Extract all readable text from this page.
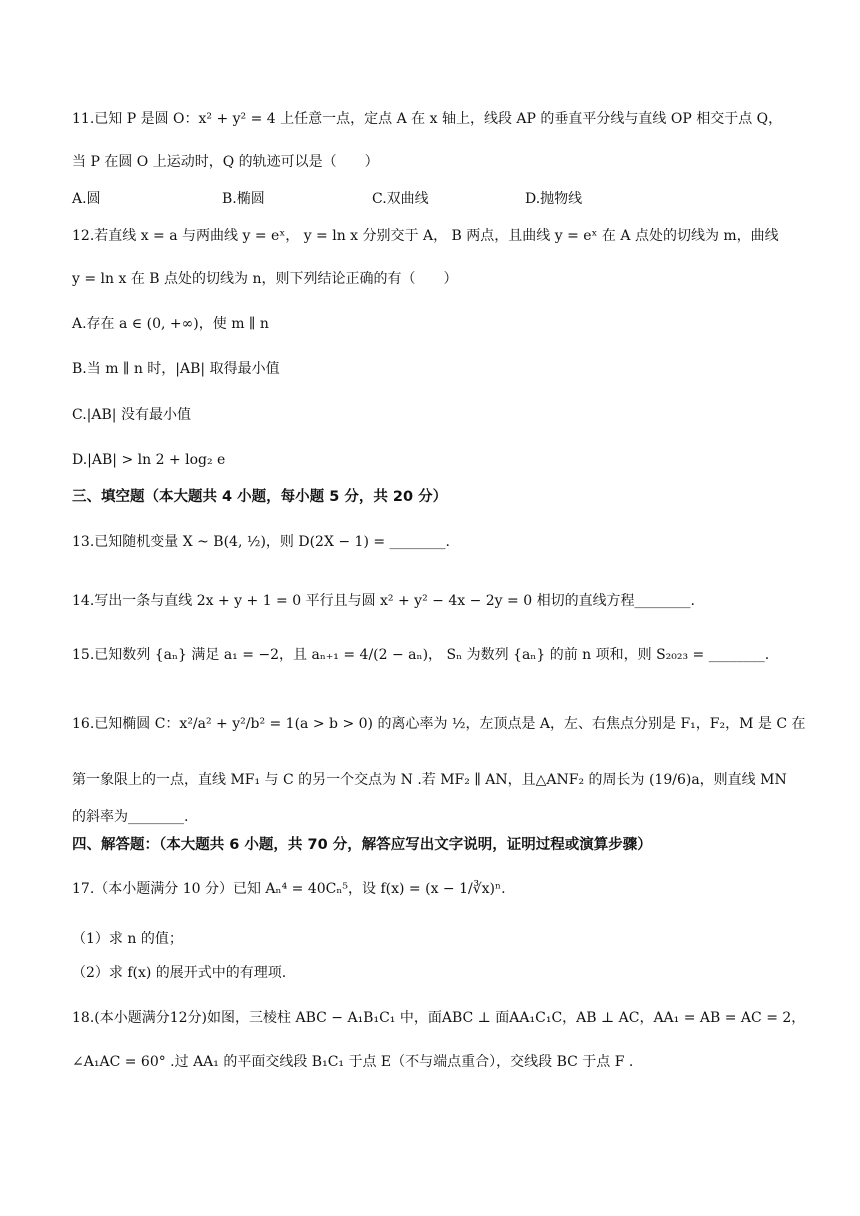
11.已知 P 是圆 O：x² + y² = 4 上任意一点，定点 A 在 x 轴上，线段 AP 的垂直平分线与直线 OP 相交于点 Q，
当 P 在圆 O 上运动时，Q 的轨迹可以是（　　）
A.圆	B.椭圆	C.双曲线	D.抛物线
12.若直线 x = a 与两曲线 y = eˣ， y = ln x 分别交于 A， B 两点，且曲线 y = eˣ 在 A 点处的切线为 m，曲线
y = ln x 在 B 点处的切线为 n，则下列结论正确的有（　　）
A.存在 a ∈ (0, +∞)，使 m ∥ n
B.当 m ∥ n 时，|AB| 取得最小值
C.|AB| 没有最小值
D.|AB| > ln 2 + log₂ e
三、填空题（本大题共 4 小题，每小题 5 分，共 20 分）
13.已知随机变量 X ~ B(4, ½)，则 D(2X − 1) = ________.
14.写出一条与直线 2x + y + 1 = 0 平行且与圆 x² + y² − 4x − 2y = 0 相切的直线方程________.
15.已知数列 {aₙ} 满足 a₁ = −2，且 aₙ₊₁ = 4/(2 − aₙ)， Sₙ 为数列 {aₙ} 的前 n 项和，则 S₂₀₂₃ = ________.
16.已知椭圆 C：x²/a² + y²/b² = 1(a > b > 0) 的离心率为 ½，左顶点是 A，左、右焦点分别是 F₁，F₂，M 是 C 在
第一象限上的一点，直线 MF₁ 与 C 的另一个交点为 N .若 MF₂ ∥ AN，且△ANF₂ 的周长为 (19/6)a，则直线 MN
的斜率为________.
四、解答题：（本大题共 6 小题，共 70 分，解答应写出文字说明，证明过程或演算步骤）
17.（本小题满分 10 分）已知 Aₙ⁴ = 40Cₙ⁵，设 f(x) = (x − 1/∛x)ⁿ.
（1）求 n 的值；
（2）求 f(x) 的展开式中的有理项.
18.(本小题满分12分)如图，三棱柱 ABC − A₁B₁C₁ 中，面ABC ⊥ 面AA₁C₁C，AB ⊥ AC，AA₁ = AB = AC = 2，
∠A₁AC = 60° .过 AA₁ 的平面交线段 B₁C₁ 于点 E（不与端点重合），交线段 BC 于点 F .
